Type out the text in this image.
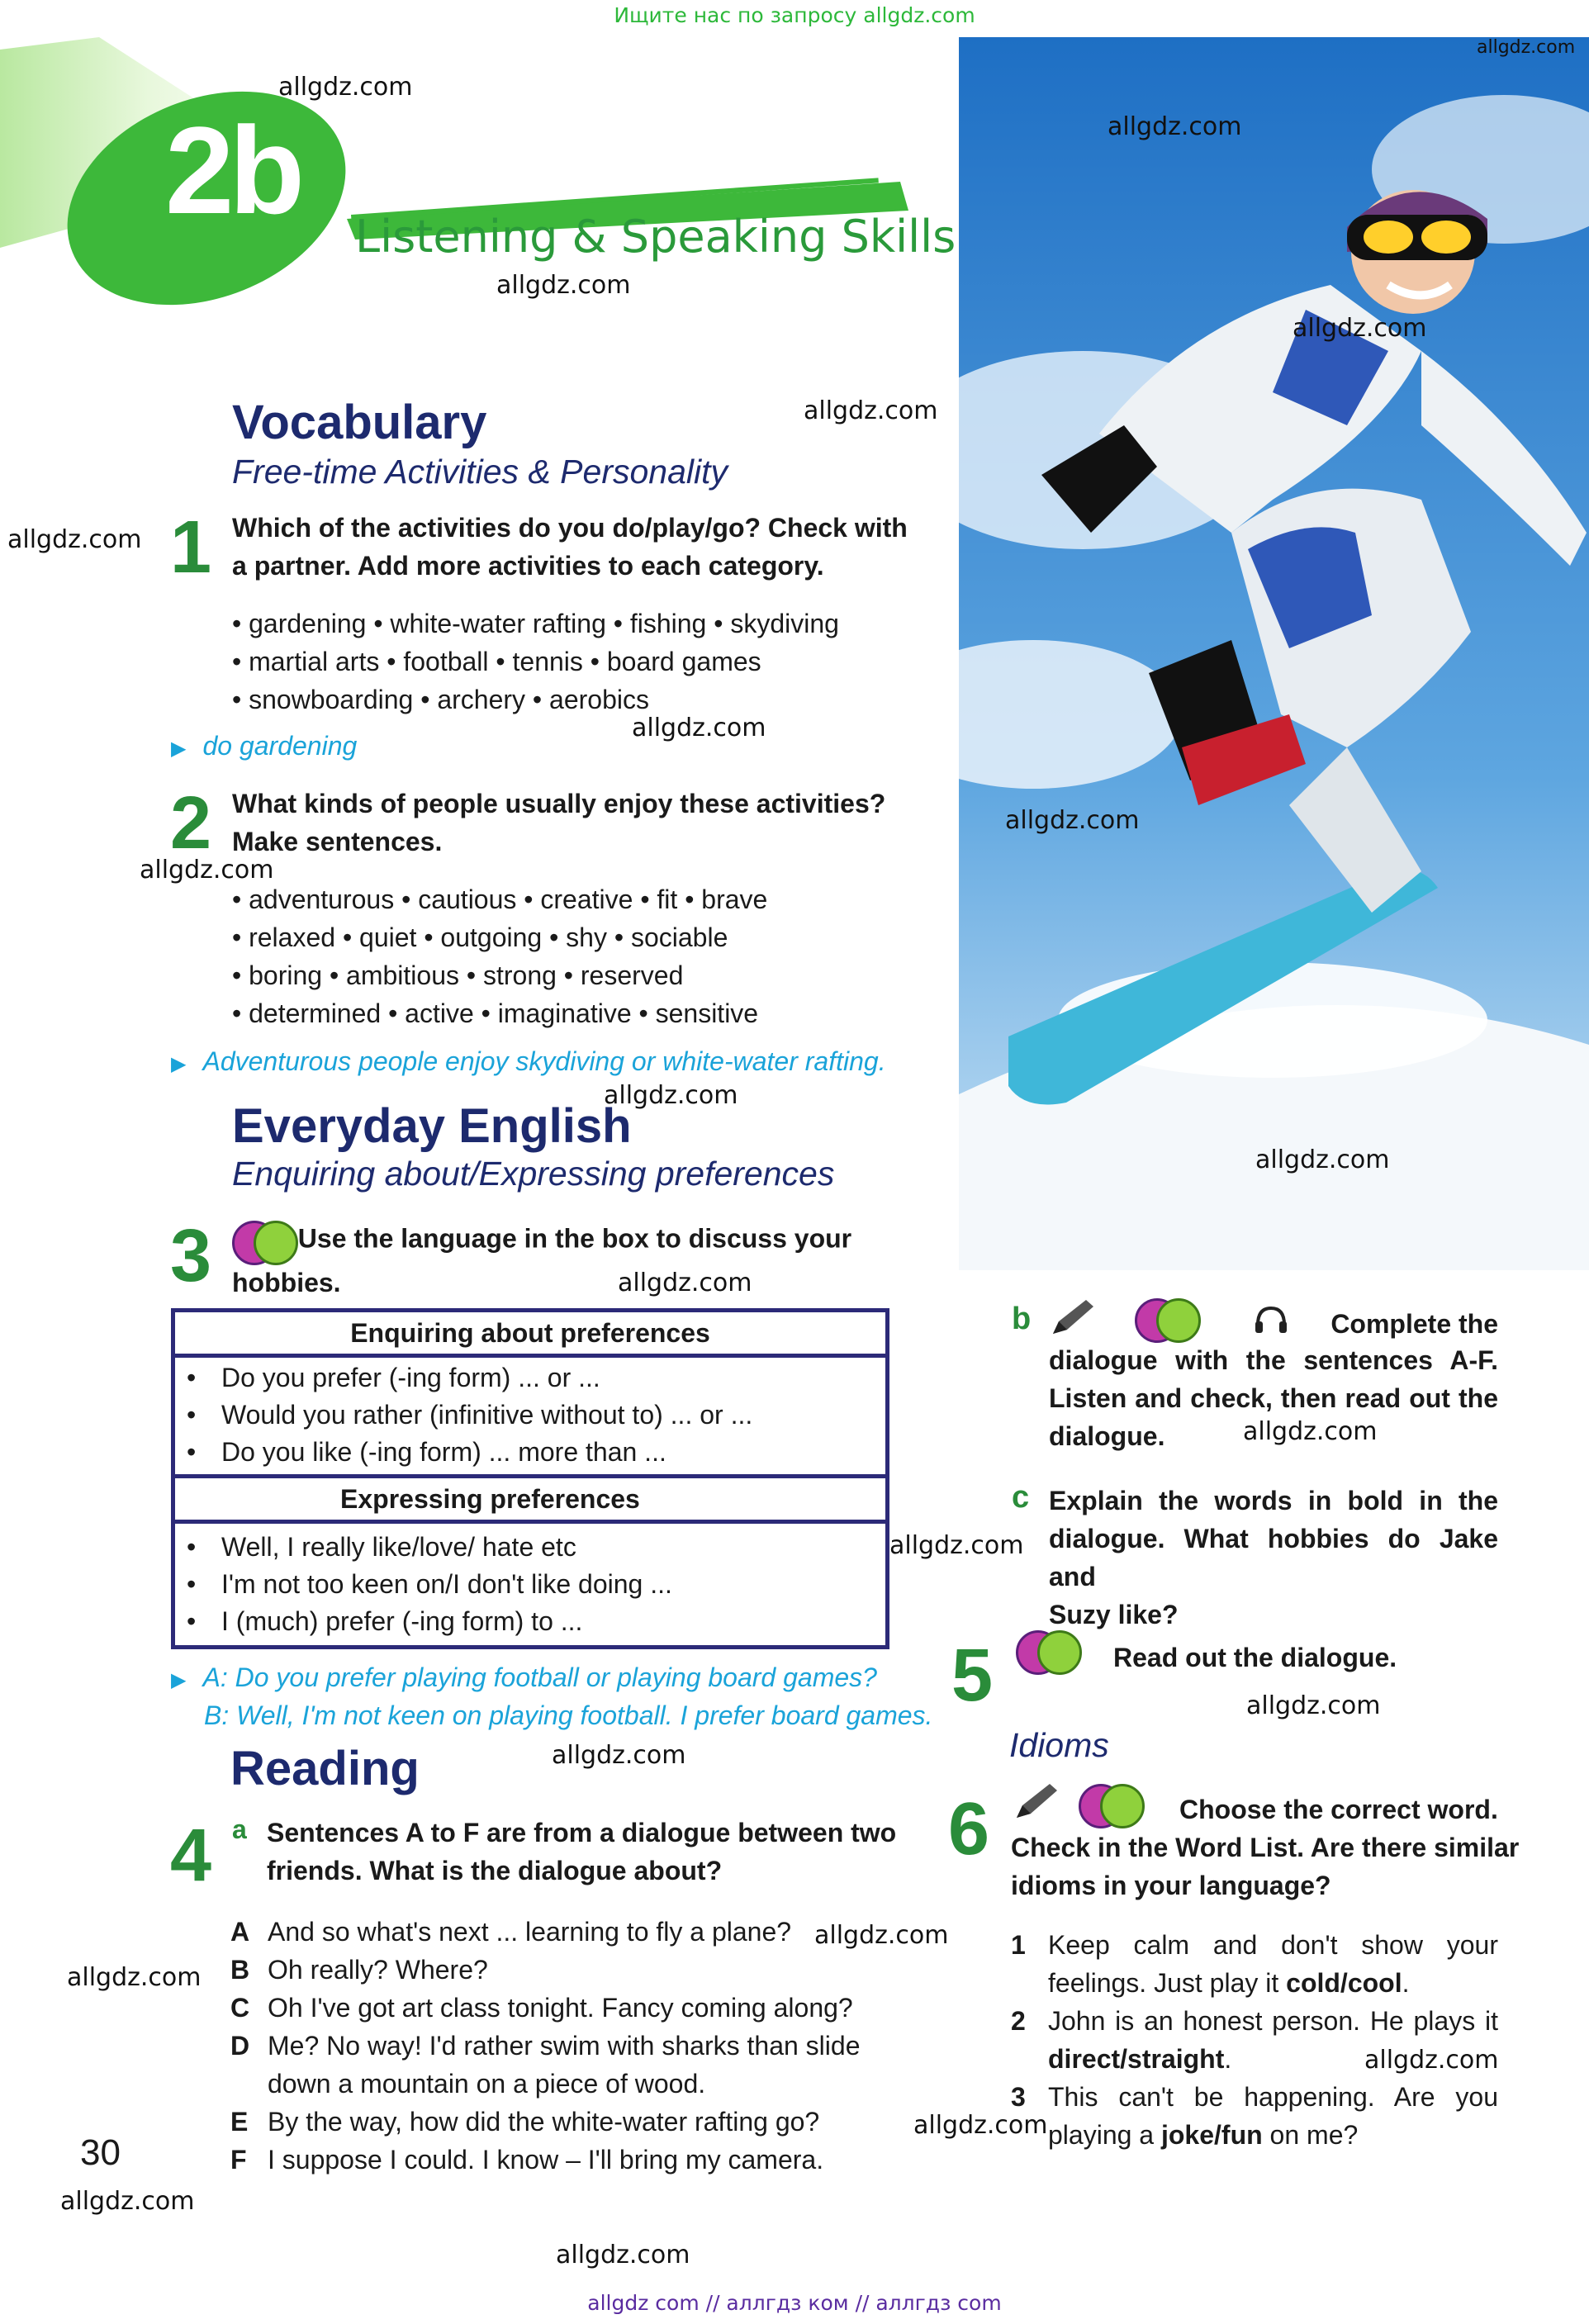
Ищите нас по запросу allgdz.com
allgdz com // аллгдз ком // аллгдз com
2b Listening & Speaking Skills
allgdz.com
allgdz.com
allgdz.com
allgdz.com
allgdz.com
allgdz.com
allgdz.com
allgdz.com
allgdz.com
allgdz.com
allgdz.com
allgdz.com
allgdz.com
allgdz.com
allgdz.com
allgdz.com
allgdz.com
allgdz.com
allgdz.com
allgdz.com
allgdz.com
allgdz.com
allgdz.com
Vocabulary
Free-time Activities & Personality
1 Which of the activities do you do/play/go? Check with
a partner. Add more activities to each category.
• gardening • white-water rafting • fishing • skydiving
• martial arts • football • tennis • board games
• snowboarding • archery • aerobics
▶ do gardening
2 What kinds of people usually enjoy these activities?
Make sentences.
• adventurous • cautious • creative • fit • brave
• relaxed • quiet • outgoing • shy • sociable
• boring • ambitious • strong • reserved
• determined • active • imaginative • sensitive
▶ Adventurous people enjoy skydiving or white-water rafting.
Everyday English
Enquiring about/Expressing preferences
3	Use the language in the box to discuss your
hobbies.
Enquiring about preferences
• Do you prefer (-ing form) ... or ...
• Would you rather (infinitive without to) ... or ...
• Do you like (-ing form) ... more than ...
Expressing preferences
• Well, I really like/love/ hate etc
• I'm not too keen on/I don't like doing ...
• I (much) prefer (-ing form) to ...
▶ A: Do you prefer playing football or playing board games?
B: Well, I'm not keen on playing football. I prefer board games.
Reading
4 a Sentences A to F are from a dialogue between two
friends. What is the dialogue about?
A And so what's next ... learning to fly a plane?
B Oh really? Where?
C Oh I've got art class tonight. Fancy coming along?
D Me? No way! I'd rather swim with sharks than slide
down a mountain on a piece of wood.
E By the way, how did the white-water rafting go?
F I suppose I could. I know – I'll bring my camera.
30
b	Complete the
dialogue with the sentences A-F.
Listen and check, then read out the
dialogue.
c Explain the words in bold in the
dialogue. What hobbies do Jake and
Suzy like?
5	Read out the dialogue.
Idioms
6	Choose the correct word.
Check in the Word List. Are there similar
idioms in your language?
1 Keep calm and don't show your
feelings. Just play it cold/cool.
2 John is an honest person. He plays it
direct/straight.
3 This can't be happening. Are you
playing a joke/fun on me?
